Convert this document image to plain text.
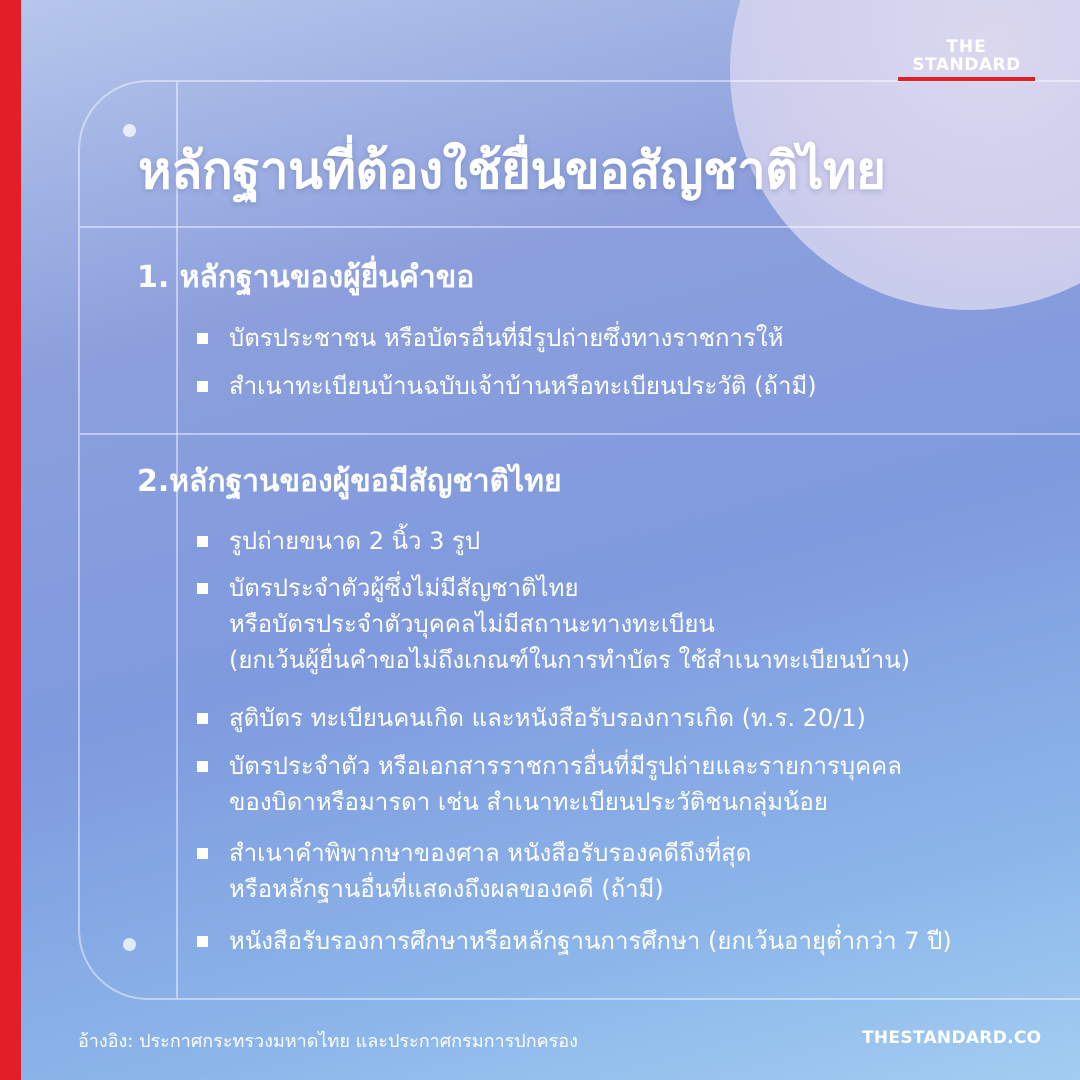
THE
STANDARD
หลักฐานที่ต้องใช้ยื่นขอสัญชาติไทย
1. หลักฐานของผู้ยื่นคำขอ
บัตรประชาชน หรือบัตรอื่นที่มีรูปถ่ายซึ่งทางราชการให้
สำเนาทะเบียนบ้านฉบับเจ้าบ้านหรือทะเบียนประวัติ (ถ้ามี)
2.หลักฐานของผู้ขอมีสัญชาติไทย
รูปถ่ายขนาด 2 นิ้ว 3 รูป
บัตรประจำตัวผู้ซึ่งไม่มีสัญชาติไทย
หรือบัตรประจำตัวบุคคลไม่มีสถานะทางทะเบียน
(ยกเว้นผู้ยื่นคำขอไม่ถึงเกณฑ์ในการทำบัตร ใช้สำเนาทะเบียนบ้าน)
สูติบัตร ทะเบียนคนเกิด และหนังสือรับรองการเกิด (ท.ร. 20/1)
บัตรประจำตัว หรือเอกสารราชการอื่นที่มีรูปถ่ายและรายการบุคคล
ของบิดาหรือมารดา เช่น สำเนาทะเบียนประวัติชนกลุ่มน้อย
สำเนาคำพิพากษาของศาล หนังสือรับรองคดีถึงที่สุด
หรือหลักฐานอื่นที่แสดงถึงผลของคดี (ถ้ามี)
หนังสือรับรองการศึกษาหรือหลักฐานการศึกษา (ยกเว้นอายุต่ำกว่า 7 ปี)
อ้างอิง: ประกาศกระทรวงมหาดไทย และประกาศกรมการปกครอง	THESTANDARD.CO
